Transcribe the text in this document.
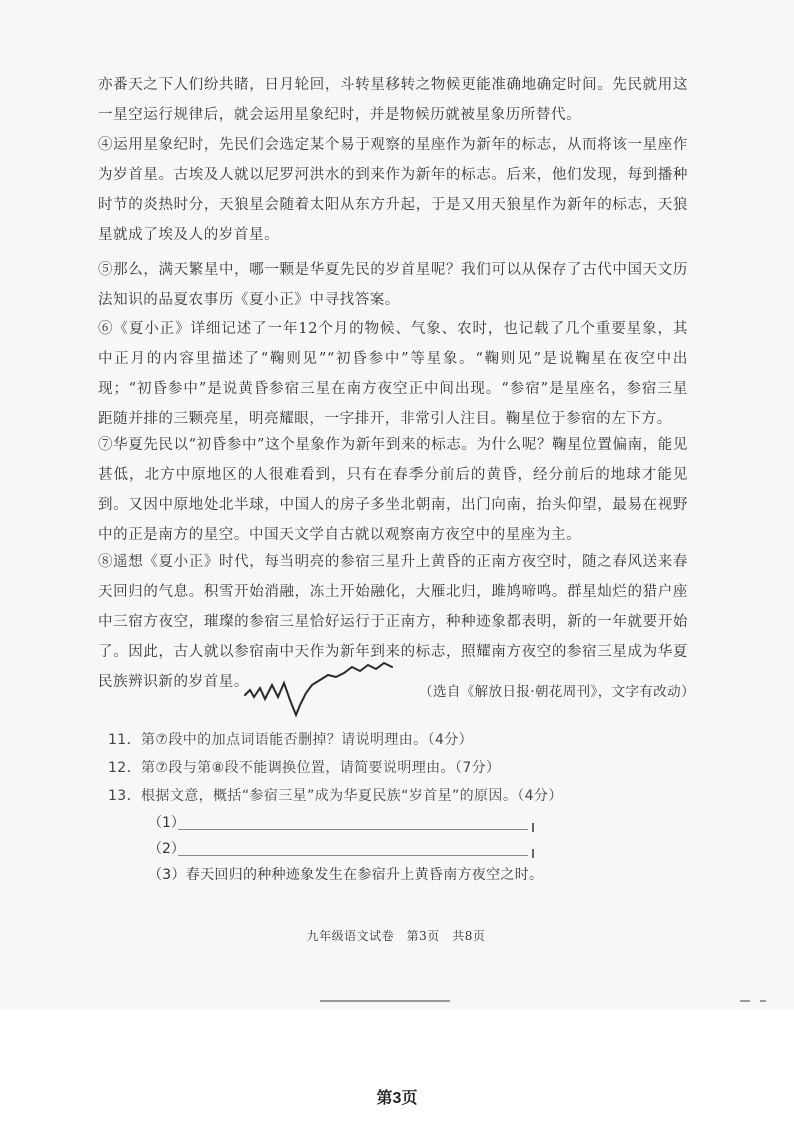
亦番天之下人们纷共睹，日月轮回，斗转星移转之物候更能准确地确定时间。先民就用这一星空运行规律后，就会运用星象纪时，并是物候历就被星象历所替代。
④运用星象纪时，先民们会选定某个易于观察的星座作为新年的标志，从而将该一星座作为岁首星。古埃及人就以尼罗河洪水的到来作为新年的标志。后来，他们发现，每到播种时节的炎热时分，天狼星会随着太阳从东方升起，于是又用天狼星作为新年的标志，天狼星就成了埃及人的岁首星。
⑤那么，满天繁星中，哪一颗是华夏先民的岁首星呢？我们可以从保存了古代中国天文历法知识的品夏农事历《夏小正》中寻找答案。
⑥《夏小正》详细记述了一年12个月的物候、气象、农时，也记载了几个重要星象，其中正月的内容里描述了“鞠则见”“初昏参中”等星象。“鞠则见”是说鞠星在夜空中出现；“初昏参中”是说黄昏参宿三星在南方夜空正中间出现。“参宿”是星座名，参宿三星距随并排的三颗亮星，明亮耀眼，一字排开，非常引人注目。鞠星位于参宿的左下方。
⑦华夏先民以“初昏参中”这个星象作为新年到来的标志。为什么呢？鞠星位置偏南，能见甚低，北方中原地区的人很难看到，只有在春季分前后的黄昏，经分前后的地球才能见到。又因中原地处北半球，中国人的房子多坐北朝南，出门向南，抬头仰望，最易在视野中的正是南方的星空。中国天文学自古就以观察南方夜空中的星座为主。
⑧遥想《夏小正》时代，每当明亮的参宿三星升上黄昏的正南方夜空时，随之春风送来春天回归的气息。积雪开始消融，冻土开始融化，大雁北归，雎鸠啼鸣。群星灿烂的猎户座中三宿方夜空，璀璨的参宿三星恰好运行于正南方，种种迹象都表明，新的一年就要开始了。因此，古人就以参宿南中天作为新年到来的标志，照耀南方夜空的参宿三星成为华夏民族辨识新的岁首星。
（选自《解放日报·朝花周刊》，文字有改动）
11．第⑦段中的加点词语能否删掉？请说明理由。（4分）
12．第⑦段与第⑧段不能调换位置，请简要说明理由。（7分）
13．根据文意，概括“参宿三星”成为华夏民族“岁首星”的原因。（4分）
（1）
（2）
（3）春天回归的种种迹象发生在参宿升上黄昏南方夜空之时。
九年级语文试卷　第3页　共8页
第3页
